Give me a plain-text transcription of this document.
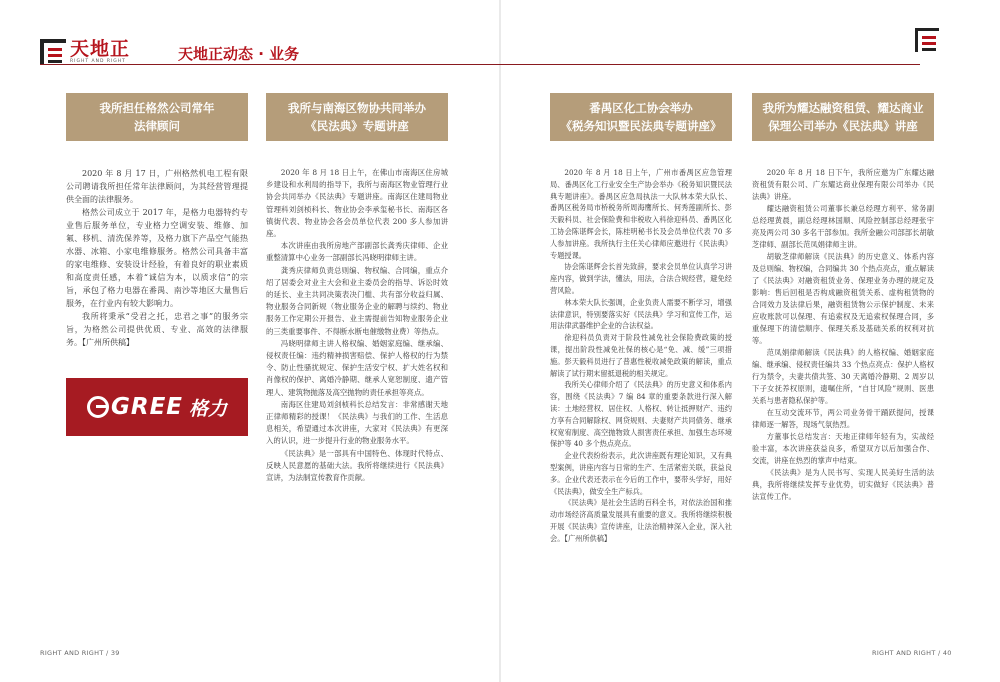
天地正
RIGHT AND RIGHT	天地正动态 · 业务
我所担任格然公司常年
法律顾问

2020 年 8 月 17 日，广州格然机电工程有限公司聘请我所担任常年法律顾问，为其经营管理提供全面的法律服务。

格然公司成立于 2017 年，是格力电器特约专业售后服务单位，专业格力空调安装、维修、加氟、移机、清洗保养等，及格力旗下产品空气能热水器、冰箱、小家电维修服务。格然公司具备丰富的家电维修、安装设计经验，有着良好的职业素质和高度责任感，本着“诚信为本，以质求信”的宗旨，承包了格力电器在番禺、南沙等地区大量售后服务，在行业内有较大影响力。

我所将秉承“受君之托，忠君之事”的服务宗旨，为格然公司提供优质、专业、高效的法律服务。【广州所供稿】

GREE 格力
我所与南海区物协共同举办
《民法典》专题讲座

2020 年 8 月 18 日上午，在佛山市南海区住房城乡建设和水利局的指导下，我所与南海区物业管理行业协会共同举办《民法典》专题讲座。南海区住建局物业管理科刘剑桢科长、物业协会李承玺秘书长、南海区各镇街代表、物业协会各会员单位代表 200 多人参加讲座。

本次讲座由我所房地产部副部长龚秀庆律师、企业重整清算中心业务一部副部长冯晓明律师主讲。

龚秀庆律师负责总则编、物权编、合同编，重点介绍了居委会对业主大会和业主委员会的指导、诉讼时效的延长、业主共同决策表决门槛、共有部分收益归属、物业服务合同新规（物业服务企业的解聘与续约、物业服务工作定期公开报告、业主需提前告知物业服务企业的三类重要事件、不得断水断电催缴物业费）等热点。

冯晓明律师主讲人格权编、婚姻家庭编、继承编、侵权责任编：违约精神损害赔偿、保护人格权的行为禁令、防止性骚扰规定、保护生活安宁权、扩大姓名权和肖像权的保护、离婚冷静期、继承人宽恕制度、遗产管理人、建筑物抛落及高空抛物的责任承担等亮点。

南海区住建局刘剑桢科长总结发言：非常感谢天地正律师精彩的授课！《民法典》与我们的工作、生活息息相关，希望通过本次讲座，大家对《民法典》有更深入的认识，进一步提升行业的物业服务水平。

《民法典》是一部具有中国特色、体现时代特点、反映人民意愿的基础大法。我所将继续进行《民法典》宣讲，为法制宣传教育作贡献。

番禺区化工协会举办
《税务知识暨民法典专题讲座》

2020 年 8 月 18 日上午，广州市番禺区应急管理局、番禺区化工行业安全生产协会举办《税务知识暨民法典专题讲座》。番禺区应急局执法一大队林本荣大队长、番禺区税务局市桥税务所周海鹰所长、何秀莲副所长、彭天毅科员、社会保险费和非税收入科徐迎科员、番禺区化工协会陈谌辉会长，陈桂明秘书长及会员单位代表 70 多人参加讲座。我所执行主任关心律师应邀进行《民法典》专题授课。

协会陈谌辉会长首先致辞，要求会员单位认真学习讲座内容，做到学法，懂法，用法，合法合规经营，避免经营风险。

林本荣大队长强调，企业负责人需要不断学习，增强法律意识，特别要落实好《民法典》学习和宣传工作，运用法律武器维护企业的合法权益。

徐迎科员负责对于阶段性减免社会保险费政策的授课，提出阶段性减免社保的核心是“免、减、缓”三项措施。彭天毅科员进行了普惠性税收减免政策的解读，重点解读了试行期末留抵退税的相关规定。

我所关心律师介绍了《民法典》的历史意义和体系内容，围绕《民法典》7 编 84 章的重要条款进行深入解读：土地经营权、居住权、人格权、转让抵押财产、违约方享有合同解除权、网贷规则、夫妻财产共同债务、继承权宽宥制度、高空抛物致人损害责任承担、加强生态环境保护等 40 多个热点亮点。

企业代表纷纷表示，此次讲座既有理论知识，又有典型案例，讲座内容与日常的生产、生活紧密关联，获益良多。企业代表还表示在今后的工作中，要带头学好，用好《民法典》，做安全生产标兵。

《民法典》是社会生活的百科全书，对依法治国和推动市场经济高质量发展具有重要的意义。我所将继续积极开展《民法典》宣传讲座，让法治精神深入企业，深入社会。【广州所供稿】

我所为耀达融资租赁、耀达商业
保理公司举办《民法典》讲座

2020 年 8 月 18 日下午，我所应邀为广东耀达融资租赁有限公司、广东耀达商业保理有限公司举办《民法典》讲座。

耀达融资租赁公司董事长兼总经理方利平、常务副总经理黄晨，副总经理林国顺、风险控制部总经理张宇亮及两公司 30 多名干部参加。我所金融公司部部长胡敏芝律师、副部长范凤娟律师主讲。

胡敏芝律师解读《民法典》的历史意义、体系内容及总则编、物权编，合同编共 30 个热点亮点，重点解读了《民法典》对融资租赁业务、保理业务办理的规定及影响：售后回租是否构成融资租赁关系、虚构租赁物的合同效力及法律后果，融资租赁物公示保护制度、未来应收账款可以保理、有追索权及无追索权保理合同，多重保理下的清偿顺序、保理关系及基础关系的权利对抗等。

范凤娟律师解读《民法典》的人格权编、婚姻家庭编、继承编、侵权责任编共 33 个热点亮点：保护人格权行为禁令，夫妻共债共签、30 天离婚冷静期、2 周岁以下子女抚养权原则，遗嘱住所，“自甘风险”规则、医患关系与患者隐私保护等。

在互动交流环节，两公司业务骨干踊跃提问，授课律师逐一解答，现场气氛热烈。

方董事长总结发言：天地正律师年轻有为，实战经验丰富，本次讲座获益良多，希望双方以后加强合作、交流，讲座在热烈的掌声中结束。

《民法典》是为人民书写、实现人民美好生活的法典，我所将继续发挥专业优势，切实做好《民法典》普法宣传工作。

RIGHT AND RIGHT / 39	RIGHT AND RIGHT / 40
